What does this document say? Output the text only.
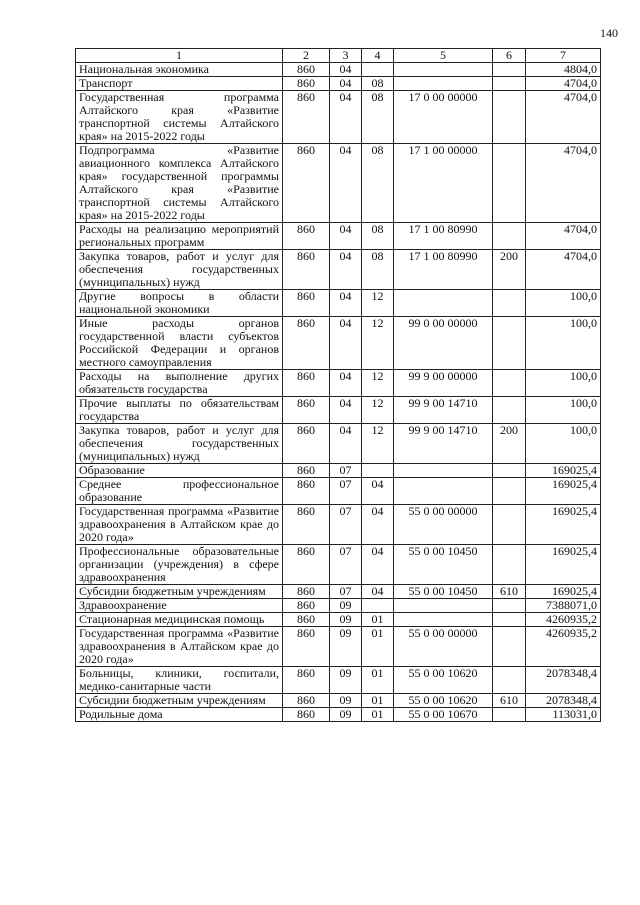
140
1	2	3	4	5	6	7
Национальная экономика	860	04				4804,0
Транспорт	860	04	08			4704,0
Государственная программа Алтайского края «Развитие транспортной системы Алтайского края» на 2015-2022 годы	860	04	08	17 0 00 00000		4704,0
Подпрограмма «Развитие авиационного комплекса Алтайского края» государственной программы Алтайского края «Развитие транспортной системы Алтайского края» на 2015-2022 годы	860	04	08	17 1 00 00000		4704,0
Расходы на реализацию мероприятий региональных программ	860	04	08	17 1 00 80990		4704,0
Закупка товаров, работ и услуг для обеспечения государственных (муниципальных) нужд	860	04	08	17 1 00 80990	200	4704,0
Другие вопросы в области национальной экономики	860	04	12			100,0
Иные расходы органов государственной власти субъектов Российской Федерации и органов местного самоуправления	860	04	12	99 0 00 00000		100,0
Расходы на выполнение других обязательств государства	860	04	12	99 9 00 00000		100,0
Прочие выплаты по обязательствам государства	860	04	12	99 9 00 14710		100,0
Закупка товаров, работ и услуг для обеспечения государственных (муниципальных) нужд	860	04	12	99 9 00 14710	200	100,0
Образование	860	07				169025,4
Среднее профессиональное образование	860	07	04			169025,4
Государственная программа «Развитие здравоохранения в Алтайском крае до 2020 года»	860	07	04	55 0 00 00000		169025,4
Профессиональные образовательные организации (учреждения) в сфере здравоохранения	860	07	04	55 0 00 10450		169025,4
Субсидии бюджетным учреждениям	860	07	04	55 0 00 10450	610	169025,4
Здравоохранение	860	09				7388071,0
Стационарная медицинская помощь	860	09	01			4260935,2
Государственная программа «Развитие здравоохранения в Алтайском крае до 2020 года»	860	09	01	55 0 00 00000		4260935,2
Больницы, клиники, госпитали, медико-санитарные части	860	09	01	55 0 00 10620		2078348,4
Субсидии бюджетным учреждениям	860	09	01	55 0 00 10620	610	2078348,4
Родильные дома	860	09	01	55 0 00 10670		113031,0
